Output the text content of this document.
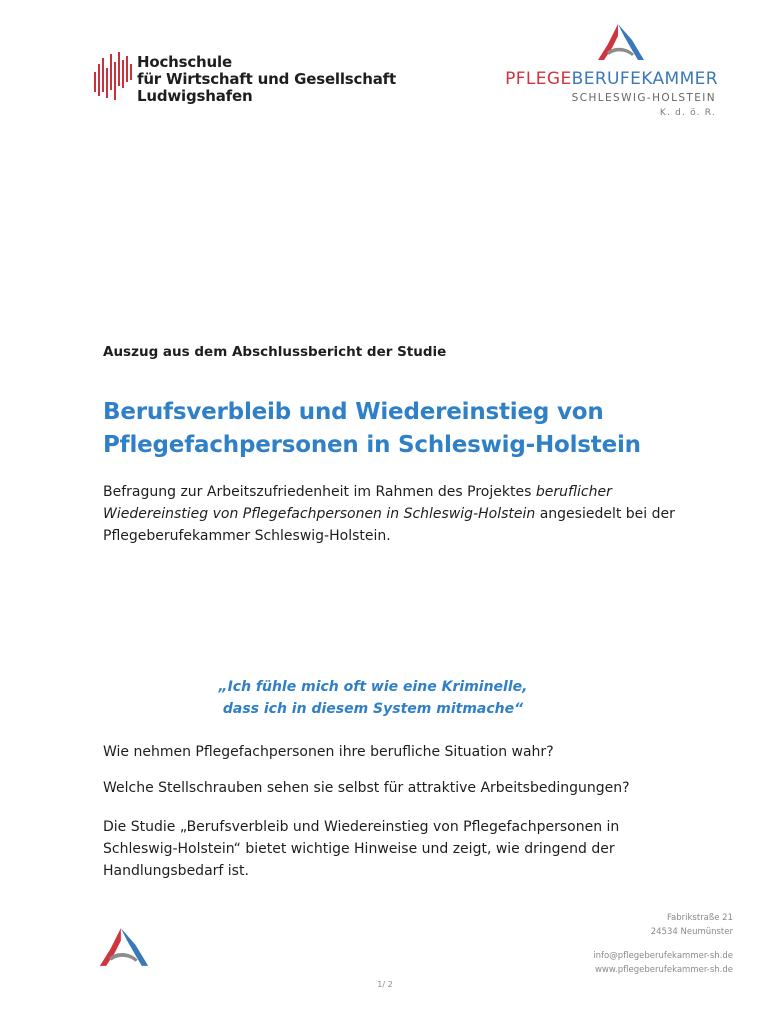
Hochschule
für Wirtschaft und Gesellschaft
Ludwigshafen
PFLEGEBERUFEKAMMER
SCHLESWIG-HOLSTEIN
K. d. ö. R.
Auszug aus dem Abschlussbericht der Studie
Berufsverbleib und Wiedereinstieg von
Pflegefachpersonen in Schleswig-Holstein
Befragung zur Arbeitszufriedenheit im Rahmen des Projektes beruflicher Wiedereinstieg von Pflegefachpersonen in Schleswig-Holstein angesiedelt bei der Pflegeberufekammer Schleswig-Holstein.
„Ich fühle mich oft wie eine Kriminelle,
dass ich in diesem System mitmache“
Wie nehmen Pflegefachpersonen ihre berufliche Situation wahr?
Welche Stellschrauben sehen sie selbst für attraktive Arbeitsbedingungen?
Die Studie „Berufsverbleib und Wiedereinstieg von Pflegefachpersonen in Schleswig-Holstein“ bietet wichtige Hinweise und zeigt, wie dringend der Handlungsbedarf ist.
Fabrikstraße 21
24534 Neumünster
info@pflegeberufekammer-sh.de
www.pflegeberufekammer-sh.de
1/ 2
